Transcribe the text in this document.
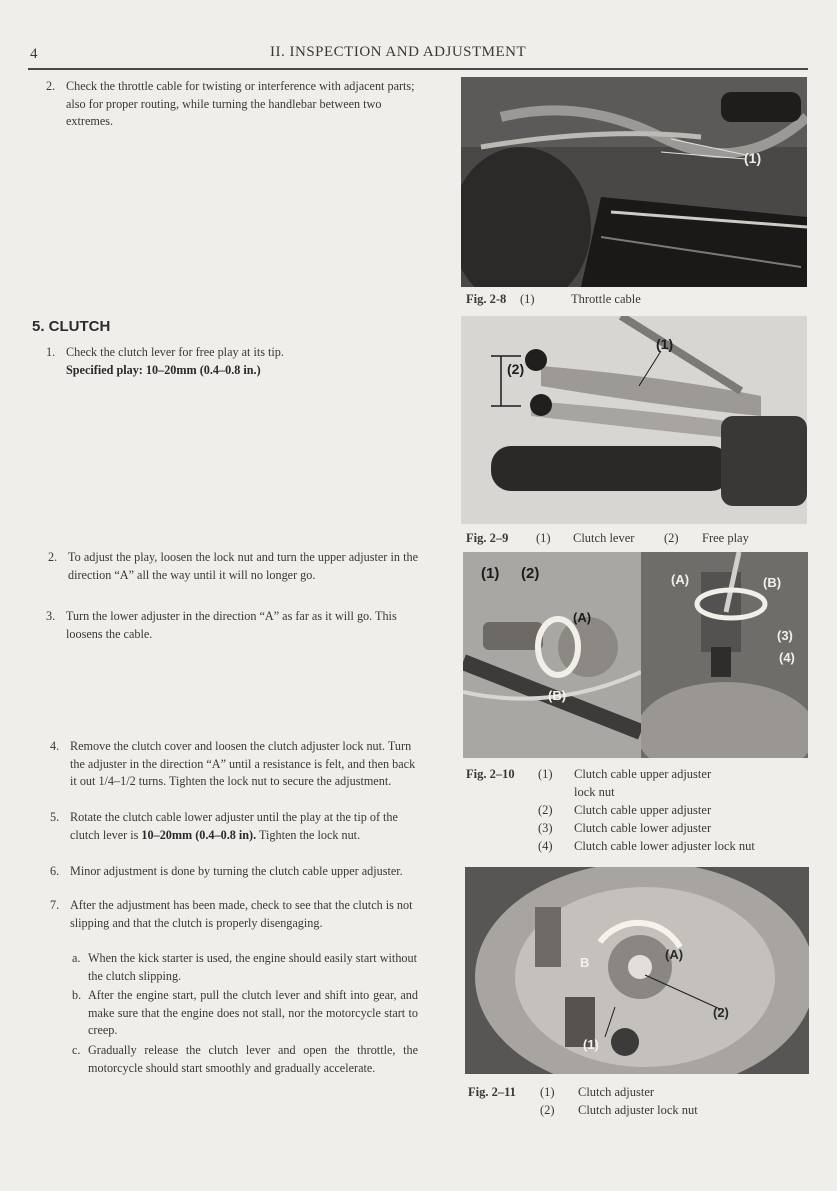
4	II. INSPECTION AND ADJUSTMENT
2. Check the throttle cable for twisting or interference with adjacent parts; also for proper routing, while turning the handlebar between two extremes.
5. CLUTCH
1. Check the clutch lever for free play at its tip.
Specified play: 10–20mm (0.4–0.8 in.)
2. To adjust the play, loosen the lock nut and turn the upper adjuster in the direction “A” all the way until it will no longer go.
3. Turn the lower adjuster in the direction “A” as far as it will go. This loosens the cable.
4. Remove the clutch cover and loosen the clutch adjuster lock nut. Turn the adjuster in the direction “A” until a resistance is felt, and then back it out 1/4–1/2 turns. Tighten the lock nut to secure the adjustment.
5. Rotate the clutch cable lower adjuster until the play at the tip of the clutch lever is 10–20mm (0.4–0.8 in). Tighten the lock nut.
6. Minor adjustment is done by turning the clutch cable upper adjuster.
7. After the adjustment has been made, check to see that the clutch is not slipping and that the clutch is properly disengaging.
a. When the kick starter is used, the engine should easily start without the clutch slipping.
b. After the engine start, pull the clutch lever and shift into gear, and make sure that the engine does not stall, nor the motorcycle start to creep.
c. Gradually release the clutch lever and open the throttle, the motorcycle should start smoothly and gradually accelerate.
(1)
Fig. 2-8 (1)	Throttle cable
(1)
(2)
Fig. 2–9 (1) Clutch lever (2) Free play
(1) (2)
(A)
(B)
(A)	(B)
(3)
(4)
Fig. 2–10 (1) Clutch cable upper adjuster
lock nut
(2) Clutch cable upper adjuster
(3) Clutch cable lower adjuster
(4) Clutch cable lower adjuster lock nut
B
(A)
(2)
(1)
Fig. 2–11 (1) Clutch adjuster
(2) Clutch adjuster lock nut
